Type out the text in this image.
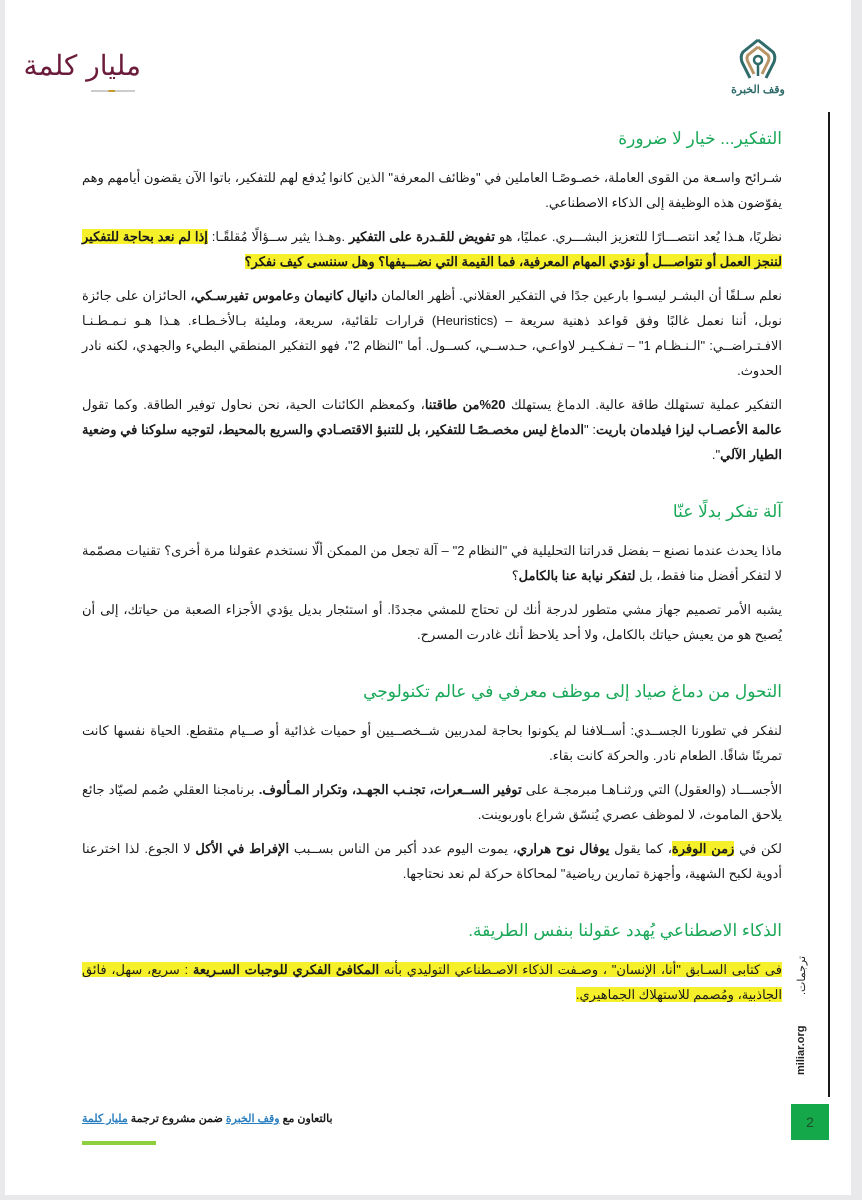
وقف الخبرة
مليار كلمة
التفكير... خيار لا ضرورة

شـرائح واسـعة من القوى العاملة، خصـوصًـا العاملين في "وظائف المعرفة" الذين كانوا يُدفع لهم للتفكير، باتوا الآن يقضون أيامهم وهم يفوّضون هذه الوظيفة إلى الذكاء الاصطناعي.

نظريًا، هـذا يُعد انتصـــارًا للتعزيز البشـــري. عمليًا، هو تفويض للقـدرة على التفكير .وهـذا يثير ســؤالًا مُقلقًـا: إذا لم نعد بحاجة للتفكير لننجز العمل أو نتواصـــل أو نؤدي المهام المعرفية، فما القيمة التي نضـــيفها؟ وهل سننسى كيف نفكر؟

نعلم سـلفًا أن البشـر ليسـوا بارعين جدًا في التفكير العقلاني. أظهر العالمان دانيال كانيمان وعاموس تفيرسـكي، الحائزان على جائزة نوبل، أننا نعمل غالبًا وفق قواعد ذهنية سريعة – (Heuristics) قرارات تلقائية، سريعة، ومليئة بـالأخـطـاء. هـذا هـو نـمـطـنـا الافـتـراضــي: "الـنـظـام 1" – تـفـكـيـر لاواعـي، حـدســي، كســول. أما "النظام 2"، فهو التفكير المنطقي البطيء والجهدي، لكنه نادر الحدوث.

التفكير عملية تستهلك طاقة عالية. الدماغ يستهلك 20%من طاقتنا، وكمعظم الكائنات الحية، نحن نحاول توفير الطاقة. وكما تقول عالمة الأعصـاب ليزا فيلدمان باريت: "الدماغ ليس مخصـصًـا للتفكير، بل للتنبؤ الاقتصـادي والسريع بالمحيط، لتوجيه سلوكنا في وضعية الطيار الآلي".

آلة تفكر بدلًا عنّا

ماذا يحدث عندما نصنع – بفضل قدراتنا التحليلية في "النظام 2" – آلة تجعل من الممكن ألّا نستخدم عقولنا مرة أخرى؟ تقنيات مصمّمة لا لتفكر أفضل منا فقط، بل لتفكر نيابة عنا بالكامل؟

يشبه الأمر تصميم جهاز مشي متطور لدرجة أنك لن تحتاج للمشي مجددًا. أو استئجار بديل يؤدي الأجزاء الصعبة من حياتك، إلى أن يُصبح هو من يعيش حياتك بالكامل، ولا أحد يلاحظ أنك غادرت المسرح.

التحول من دماغ صياد إلى موظف معرفي في عالم تكنولوجي

لنفكر في تطورنا الجســدي: أســلافنا لم يكونوا بحاجة لمدربين شــخصــيين أو حميات غذائية أو صــيام متقطع. الحياة نفسها كانت تمرينًا شاقًا. الطعام نادر. والحركة كانت بقاء.

الأجســـاد (والعقول) التي ورثنـاهـا مبرمجـة على توفير الســعرات، تجنـب الجهـد، وتكرار المـألوف. برنامجنا العقلي صُمم لصيّاد جائع يلاحق الماموث، لا لموظف عصري يُنسّق شراع باوربوينت.

لكن في زمن الوفرة، كما يقول يوفال نوح هراري، يموت اليوم عدد أكبر من الناس بســبب الإفراط في الأكل لا الجوع. لذا اخترعنا أدوية لكبح الشهية، وأجهزة تمارين رياضية" لمحاكاة حركة لم نعد نحتاجها.

الذكاء الاصطناعي يُهدد عقولنا بنفس الطريقة.

فى كتابى السـابق "أنا، الإنسان" ، وصـفت الذكاء الاصـطناعي التوليدي بأنه المكافئ الفكري للوجبات السـريعة : سريع، سهل، فائق الجاذبية، ومُصمم للاستهلاك الجماهيري. ترجمات.
miliar.org
2
بالتعاون مع وقف الخبرة ضمن مشروع ترجمة مليار كلمة
